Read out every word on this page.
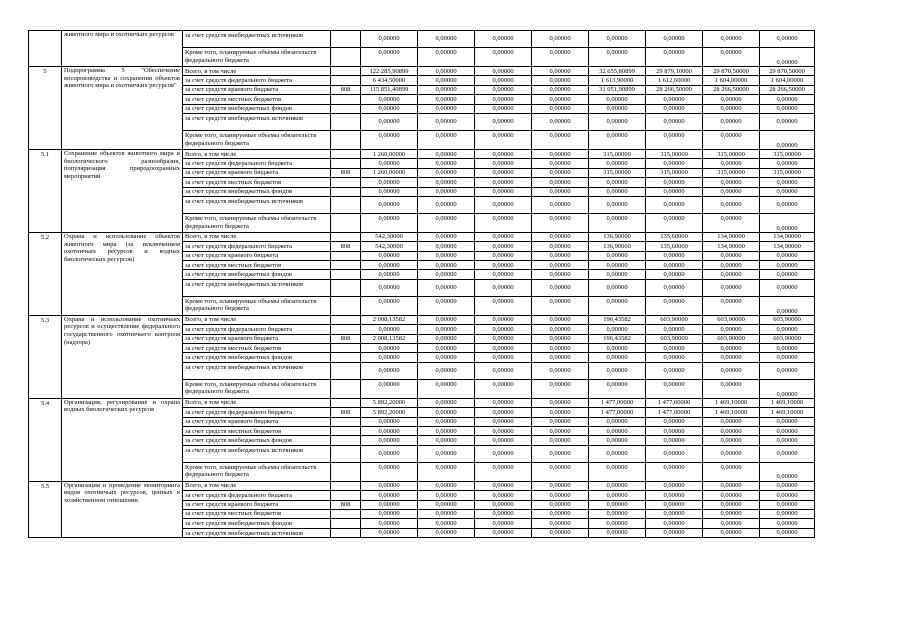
	животного мира и охотничьих ресурсов	за счет средств внебюджетных источников		0,00000	0,00000	0,00000	0,00000	0,00000	0,00000	0,00000	0,00000
		Кроме того, планируемые объемы обязательств федерального бюджета		0,00000	0,00000	0,00000	0,00000	0,00000	0,00000	0,00000	0,00000
5	Подпрограмма 5 "Обеспечение воспроизводства и сохранения объектов животного мира и охотничьих ресурсов"	Всего, в том числе		122 285,90899	0,00000	0,00000	0,00000	32 655,80899	29 879,10000	29 870,50000	29 870,50000
		за счет средств федерального бюджета		6 434,50000	0,00000	0,00000	0,00000	1 613,90000	1 612,60000	1 604,00000	1 604,00000
		за счет средств краевого бюджета	808	115 851,40899	0,00000	0,00000	0,00000	31 051,90899	28 266,50000	28 266,50000	28 266,50000
		за счет средств местных бюджетов		0,00000	0,00000	0,00000	0,00000	0,00000	0,00000	0,00000	0,00000
		за счет средств внебюджетных фондов		0,00000	0,00000	0,00000	0,00000	0,00000	0,00000	0,00000	0,00000
		за счет средств внебюджетных источников		0,00000	0,00000	0,00000	0,00000	0,00000	0,00000	0,00000	0,00000
		Кроме того, планируемые объемы обязательств федерального бюджета		0,00000	0,00000	0,00000	0,00000	0,00000	0,00000	0,00000	0,00000
5.1	Сохранение объектов животного мира и биологического разнообразия, популяризация природоохранных мероприятий	Всего, в том числе		1 260,00000	0,00000	0,00000	0,00000	315,00000	315,00000	315,00000	315,00000
		за счет средств федерального бюджета		0,00000	0,00000	0,00000	0,00000	0,00000	0,00000	0,00000	0,00000
		за счет средств краевого бюджета	808	1 260,00000	0,00000	0,00000	0,00000	315,00000	315,00000	315,00000	315,00000
		за счет средств местных бюджетов		0,00000	0,00000	0,00000	0,00000	0,00000	0,00000	0,00000	0,00000
		за счет средств внебюджетных фондов		0,00000	0,00000	0,00000	0,00000	0,00000	0,00000	0,00000	0,00000
		за счет средств внебюджетных источников		0,00000	0,00000	0,00000	0,00000	0,00000	0,00000	0,00000	0,00000
		Кроме того, планируемые объемы обязательств федерального бюджета		0,00000	0,00000	0,00000	0,00000	0,00000	0,00000	0,00000	0,00000
5.2	Охрана и использование объектов животного мира (за исключением охотничьих ресурсов и водных биологических ресурсов)	Всего, в том числе		542,30000	0,00000	0,00000	0,00000	136,90000	135,60000	134,90000	134,90000
		за счет средств федерального бюджета	808	542,30000	0,00000	0,00000	0,00000	136,90000	135,60000	134,90000	134,90000
		за счет средств краевого бюджета		0,00000	0,00000	0,00000	0,00000	0,00000	0,00000	0,00000	0,00000
		за счет средств местных бюджетов		0,00000	0,00000	0,00000	0,00000	0,00000	0,00000	0,00000	0,00000
		за счет средств внебюджетных фондов		0,00000	0,00000	0,00000	0,00000	0,00000	0,00000	0,00000	0,00000
		за счет средств внебюджетных источников		0,00000	0,00000	0,00000	0,00000	0,00000	0,00000	0,00000	0,00000
		Кроме того, планируемые объемы обязательств федерального бюджета		0,00000	0,00000	0,00000	0,00000	0,00000	0,00000	0,00000	0,00000
5.3	Охрана и использование охотничьих ресурсов и осуществление федерального государственного охотничьего контроля (надзора)	Всего, в том числе		2 008,13582	0,00000	0,00000	0,00000	196,43582	603,90000	603,90000	603,90000
		за счет средств федерального бюджета		0,00000	0,00000	0,00000	0,00000	0,00000	0,00000	0,00000	0,00000
		за счет средств краевого бюджета	808	2 008,13582	0,00000	0,00000	0,00000	196,43582	603,90000	603,90000	603,90000
		за счет средств местных бюджетов		0,00000	0,00000	0,00000	0,00000	0,00000	0,00000	0,00000	0,00000
		за счет средств внебюджетных фондов		0,00000	0,00000	0,00000	0,00000	0,00000	0,00000	0,00000	0,00000
		за счет средств внебюджетных источников		0,00000	0,00000	0,00000	0,00000	0,00000	0,00000	0,00000	0,00000
		Кроме того, планируемые объемы обязательств федерального бюджета		0,00000	0,00000	0,00000	0,00000	0,00000	0,00000	0,00000	0,00000
5.4	Организация, регулирование и охрана водных биологических ресурсов	Всего, в том числе		5 892,20000	0,00000	0,00000	0,00000	1 477,00000	1 477,00000	1 469,10000	1 469,10000
		за счет средств федерального бюджета	808	5 892,20000	0,00000	0,00000	0,00000	1 477,00000	1 477,00000	1 469,10000	1 469,10000
		за счет средств краевого бюджета		0,00000	0,00000	0,00000	0,00000	0,00000	0,00000	0,00000	0,00000
		за счет средств местных бюджетов		0,00000	0,00000	0,00000	0,00000	0,00000	0,00000	0,00000	0,00000
		за счет средств внебюджетных фондов		0,00000	0,00000	0,00000	0,00000	0,00000	0,00000	0,00000	0,00000
		за счет средств внебюджетных источников		0,00000	0,00000	0,00000	0,00000	0,00000	0,00000	0,00000	0,00000
		Кроме того, планируемые объемы обязательств федерального бюджета		0,00000	0,00000	0,00000	0,00000	0,00000	0,00000	0,00000	0,00000
5.5	Организация и проведение мониторинга видов охотничьих ресурсов, ценных в хозяйственном отношении	Всего, в том числе		0,00000	0,00000	0,00000	0,00000	0,00000	0,00000	0,00000	0,00000
		за счет средств федерального бюджета		0,00000	0,00000	0,00000	0,00000	0,00000	0,00000	0,00000	0,00000
		за счет средств краевого бюджета	808	0,00000	0,00000	0,00000	0,00000	0,00000	0,00000	0,00000	0,00000
		за счет средств местных бюджетов		0,00000	0,00000	0,00000	0,00000	0,00000	0,00000	0,00000	0,00000
		за счет средств внебюджетных фондов		0,00000	0,00000	0,00000	0,00000	0,00000	0,00000	0,00000	0,00000
		за счет средств внебюджетных источников		0,00000	0,00000	0,00000	0,00000	0,00000	0,00000	0,00000	0,00000
